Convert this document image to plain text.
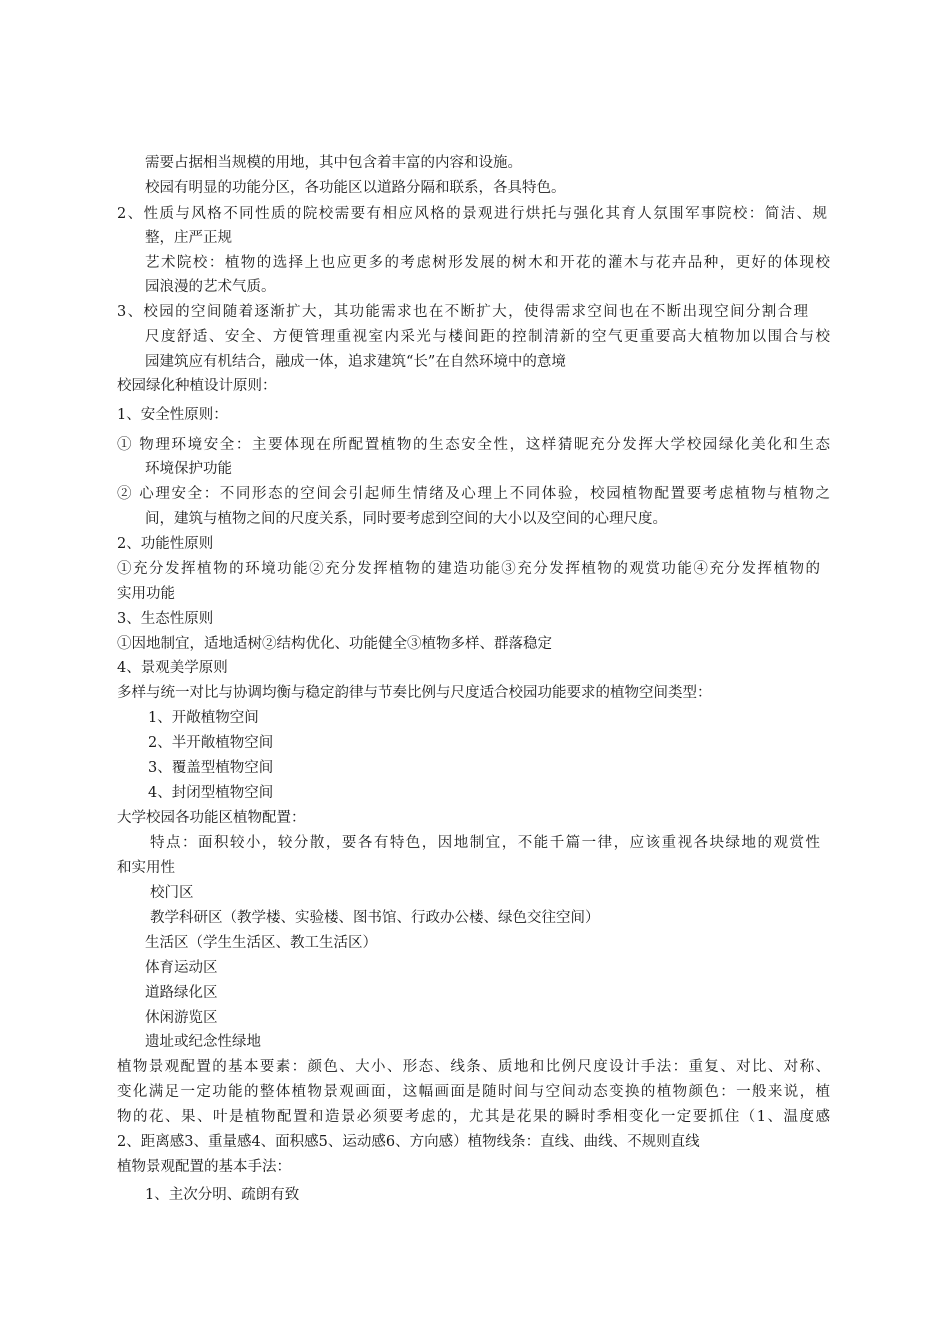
需要占据相当规模的用地，其中包含着丰富的内容和设施。
校园有明显的功能分区，各功能区以道路分隔和联系，各具特色。
2、性质与风格不同性质的院校需要有相应风格的景观进行烘托与强化其育人氛围军事院校：简洁、规
整，庄严正规
艺术院校：植物的选择上也应更多的考虑树形发展的树木和开花的灌木与花卉品种，更好的体现校
园浪漫的艺术气质。
3、校园的空间随着逐渐扩大，其功能需求也在不断扩大，使得需求空间也在不断出现空间分割合理
尺度舒适、安全、方便管理重视室内采光与楼间距的控制清新的空气更重要高大植物加以围合与校
园建筑应有机结合，融成一体，追求建筑“长”在自然环境中的意境
校园绿化种植设计原则：
1、安全性原则：
① 物理环境安全：主要体现在所配置植物的生态安全性，这样猜昵充分发挥大学校园绿化美化和生态
环境保护功能
② 心理安全：不同形态的空间会引起师生情绪及心理上不同体验，校园植物配置要考虑植物与植物之
间，建筑与植物之间的尺度关系，同时要考虑到空间的大小以及空间的心理尺度。
2、功能性原则
①充分发挥植物的环境功能②充分发挥植物的建造功能③充分发挥植物的观赏功能④充分发挥植物的
实用功能
3、生态性原则
①因地制宜，适地适树②结构优化、功能健全③植物多样、群落稳定
4、景观美学原则
多样与统一对比与协调均衡与稳定韵律与节奏比例与尺度适合校园功能要求的植物空间类型：
1、开敞植物空间
2、半开敞植物空间
3、覆盖型植物空间
4、封闭型植物空间
大学校园各功能区植物配置：
特点：面积较小，较分散，要各有特色，因地制宜，不能千篇一律，应该重视各块绿地的观赏性
和实用性
校门区
教学科研区（教学楼、实验楼、图书馆、行政办公楼、绿色交往空间）
生活区（学生生活区、教工生活区）
体育运动区
道路绿化区
休闲游览区
遗址或纪念性绿地
植物景观配置的基本要素：颜色、大小、形态、线条、质地和比例尺度设计手法：重复、对比、对称、
变化满足一定功能的整体植物景观画面，这幅画面是随时间与空间动态变换的植物颜色：一般来说，植
物的花、果、叶是植物配置和造景必须要考虑的，尤其是花果的瞬时季相变化一定要抓住（1、温度感
2、距离感3、重量感4、面积感5、运动感6、方向感）植物线条：直线、曲线、不规则直线
植物景观配置的基本手法：
1、主次分明、疏朗有致
